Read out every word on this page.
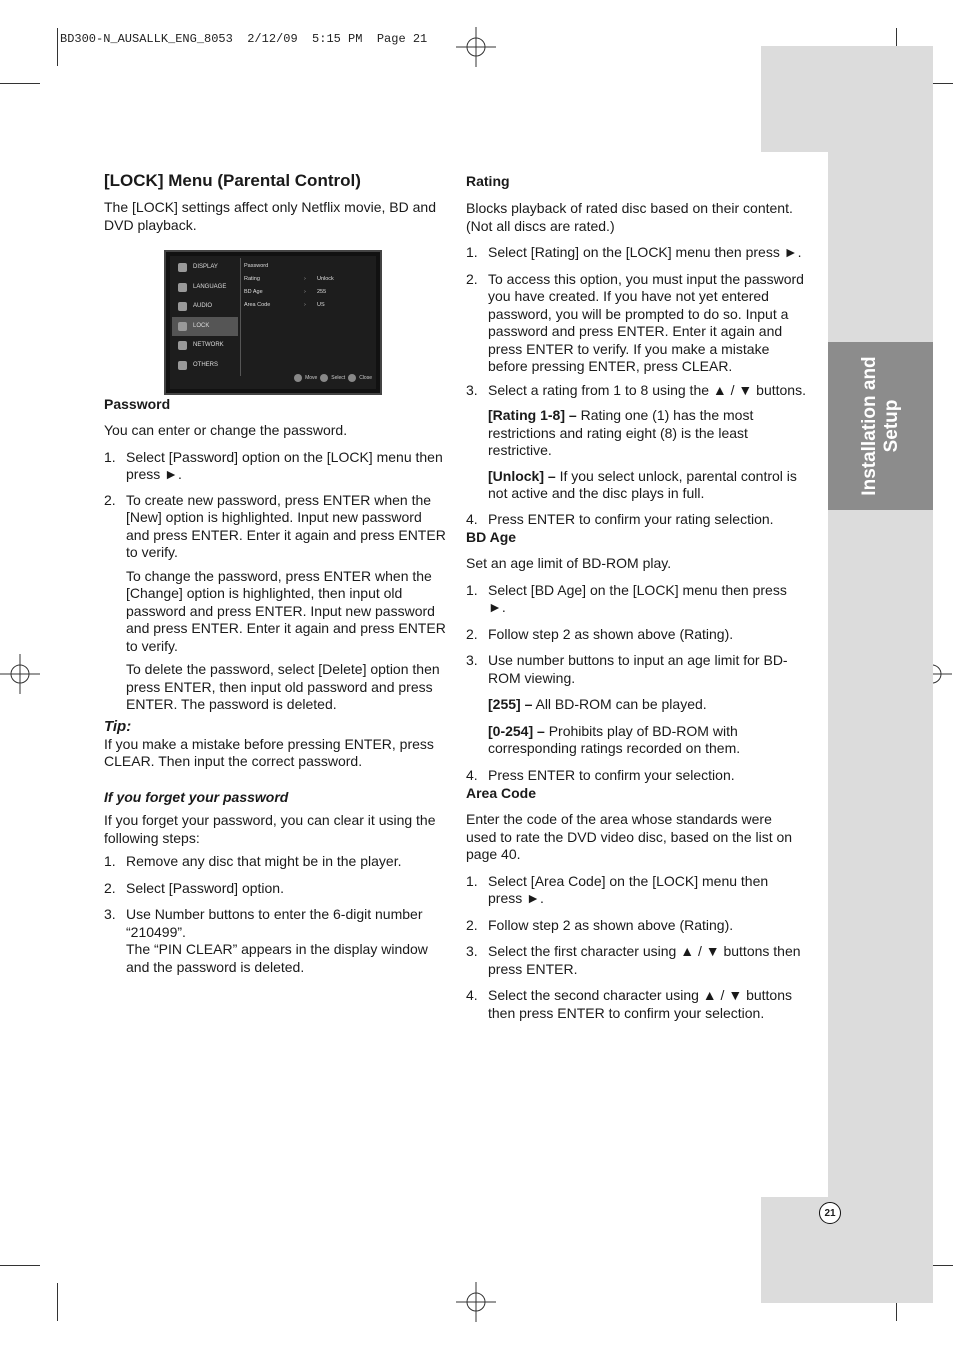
BD300-N_AUSALLK_ENG_8053  2/12/09  5:15 PM  Page 21
Installation and Setup
21
[LOCK] Menu (Parental Control)

The [LOCK] settings affect only Netflix movie, BD and DVD playback.

DISPLAY
LANGUAGE
AUDIO
LOCK
NETWORK
OTHERS
Password
Rating	›	Unlock
BD Age	›	255
Area Code	›	US
Move	Select	Close
Password

You can enter or change the password.

1. Select [Password] option on the [LOCK] menu then press ►.
2. To create new password, press ENTER when the [New] option is highlighted. Input new password and press ENTER. Enter it again and press ENTER to verify.

To change the password, press ENTER when the [Change] option is highlighted, then input old password and press ENTER. Input new password and press ENTER. Enter it again and press ENTER to verify.

To delete the password, select [Delete] option then press ENTER, then input old password and press ENTER. The password is deleted.

Tip:

If you make a mistake before pressing ENTER, press CLEAR. Then input the correct password.

If you forget your password

If you forget your password, you can clear it using the following steps:

1. Remove any disc that might be in the player.
2. Select [Password] option.
3. Use Number buttons to enter the 6-digit number “210499”.
The “PIN CLEAR” appears in the display window and the password is deleted.
Rating

Blocks playback of rated disc based on their content. (Not all discs are rated.)

1. Select [Rating] on the [LOCK] menu then press ►.
2. To access this option, you must input the password you have created. If you have not yet entered password, you will be prompted to do so. Input a password and press ENTER. Enter it again and press ENTER to verify. If you make a mistake before pressing ENTER, press CLEAR.
3. Select a rating from 1 to 8 using the ▲ / ▼ buttons.

[Rating 1-8] – Rating one (1) has the most restrictions and rating eight (8) is the least restrictive.

[Unlock] – If you select unlock, parental control is not active and the disc plays in full.

4. Press ENTER to confirm your rating selection.
BD Age

Set an age limit of BD-ROM play.

1. Select [BD Age] on the [LOCK] menu then press ►.
2. Follow step 2 as shown above (Rating).
3. Use number buttons to input an age limit for BD-ROM viewing.

[255] – All BD-ROM can be played.

[0-254] – Prohibits play of BD-ROM with corresponding ratings recorded on them.

4. Press ENTER to confirm your selection.
Area Code

Enter the code of the area whose standards were used to rate the DVD video disc, based on the list on page 40.

1. Select [Area Code] on the [LOCK] menu then press ►.
2. Follow step 2 as shown above (Rating).
3. Select the first character using ▲ / ▼ buttons then press ENTER.
4. Select the second character using ▲ / ▼ buttons then press ENTER to confirm your selection.
